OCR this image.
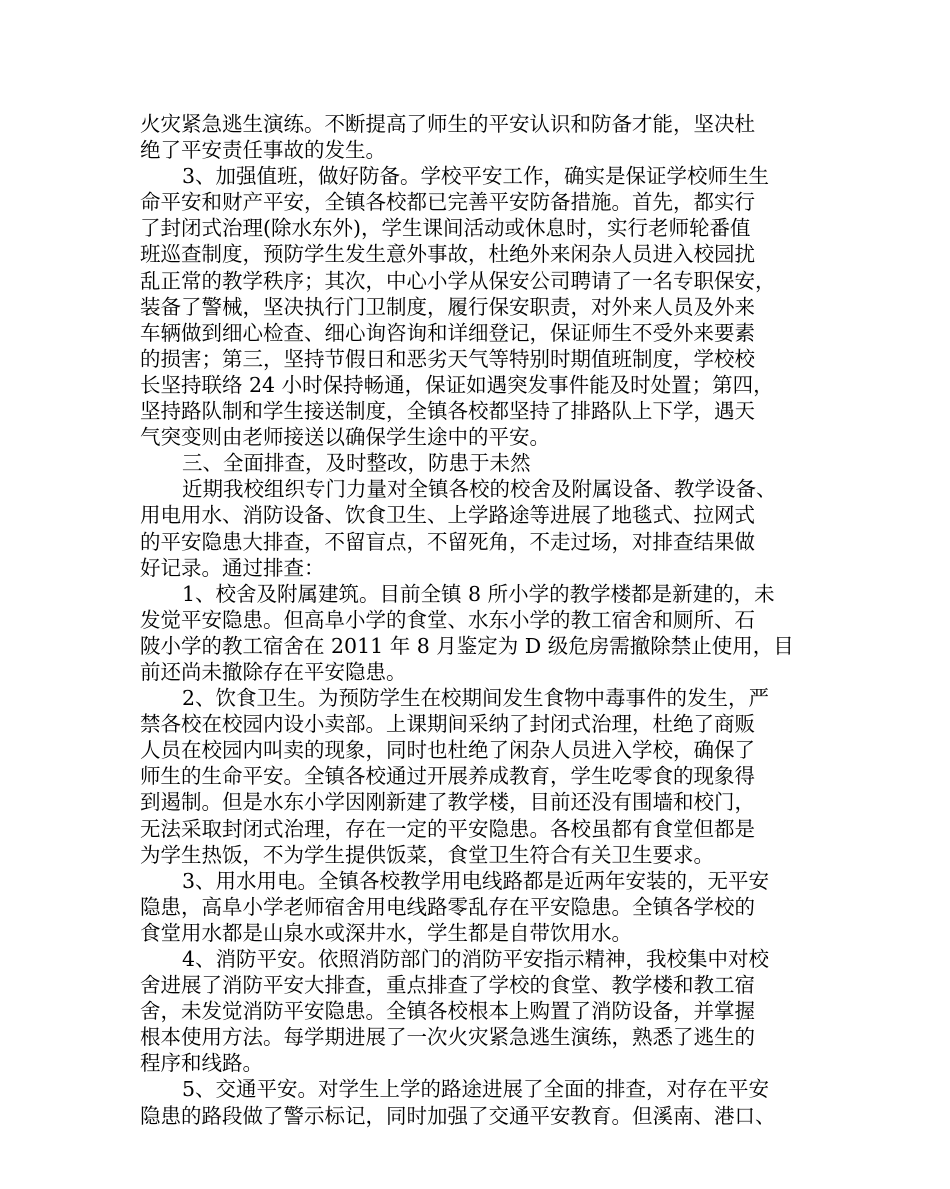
火灾紧急逃生演练。不断提高了师生的平安认识和防备才能，坚决杜
绝了平安责任事故的发生。
3、加强值班，做好防备。学校平安工作，确实是保证学校师生生
命平安和财产平安，全镇各校都已完善平安防备措施。首先，都实行
了封闭式治理(除水东外)，学生课间活动或休息时，实行老师轮番值
班巡查制度，预防学生发生意外事故，杜绝外来闲杂人员进入校园扰
乱正常的教学秩序；其次，中心小学从保安公司聘请了一名专职保安，
装备了警械，坚决执行门卫制度，履行保安职责，对外来人员及外来
车辆做到细心检查、细心询咨询和详细登记，保证师生不受外来要素
的损害；第三，坚持节假日和恶劣天气等特别时期值班制度，学校校
长坚持联络 24 小时保持畅通，保证如遇突发事件能及时处置；第四，
坚持路队制和学生接送制度，全镇各校都坚持了排路队上下学，遇天
气突变则由老师接送以确保学生途中的平安。
三、全面排查，及时整改，防患于未然
近期我校组织专门力量对全镇各校的校舍及附属设备、教学设备、
用电用水、消防设备、饮食卫生、上学路途等进展了地毯式、拉网式
的平安隐患大排查，不留盲点，不留死角，不走过场，对排查结果做
好记录。通过排查：
1、校舍及附属建筑。目前全镇 8 所小学的教学楼都是新建的，未
发觉平安隐患。但高阜小学的食堂、水东小学的教工宿舍和厕所、石
陂小学的教工宿舍在 2011 年 8 月鉴定为 D 级危房需撤除禁止使用，目
前还尚未撤除存在平安隐患。
2、饮食卫生。为预防学生在校期间发生食物中毒事件的发生，严
禁各校在校园内设小卖部。上课期间采纳了封闭式治理，杜绝了商贩
人员在校园内叫卖的现象，同时也杜绝了闲杂人员进入学校，确保了
师生的生命平安。全镇各校通过开展养成教育，学生吃零食的现象得
到遏制。但是水东小学因刚新建了教学楼，目前还没有围墙和校门，
无法采取封闭式治理，存在一定的平安隐患。各校虽都有食堂但都是
为学生热饭，不为学生提供饭菜，食堂卫生符合有关卫生要求。
3、用水用电。全镇各校教学用电线路都是近两年安装的，无平安
隐患，高阜小学老师宿舍用电线路零乱存在平安隐患。全镇各学校的
食堂用水都是山泉水或深井水，学生都是自带饮用水。
4、消防平安。依照消防部门的消防平安指示精神，我校集中对校
舍进展了消防平安大排查，重点排查了学校的食堂、教学楼和教工宿
舍，未发觉消防平安隐患。全镇各校根本上购置了消防设备，并掌握
根本使用方法。每学期进展了一次火灾紧急逃生演练，熟悉了逃生的
程序和线路。
5、交通平安。对学生上学的路途进展了全面的排查，对存在平安
隐患的路段做了警示标记，同时加强了交通平安教育。但溪南、港口、
